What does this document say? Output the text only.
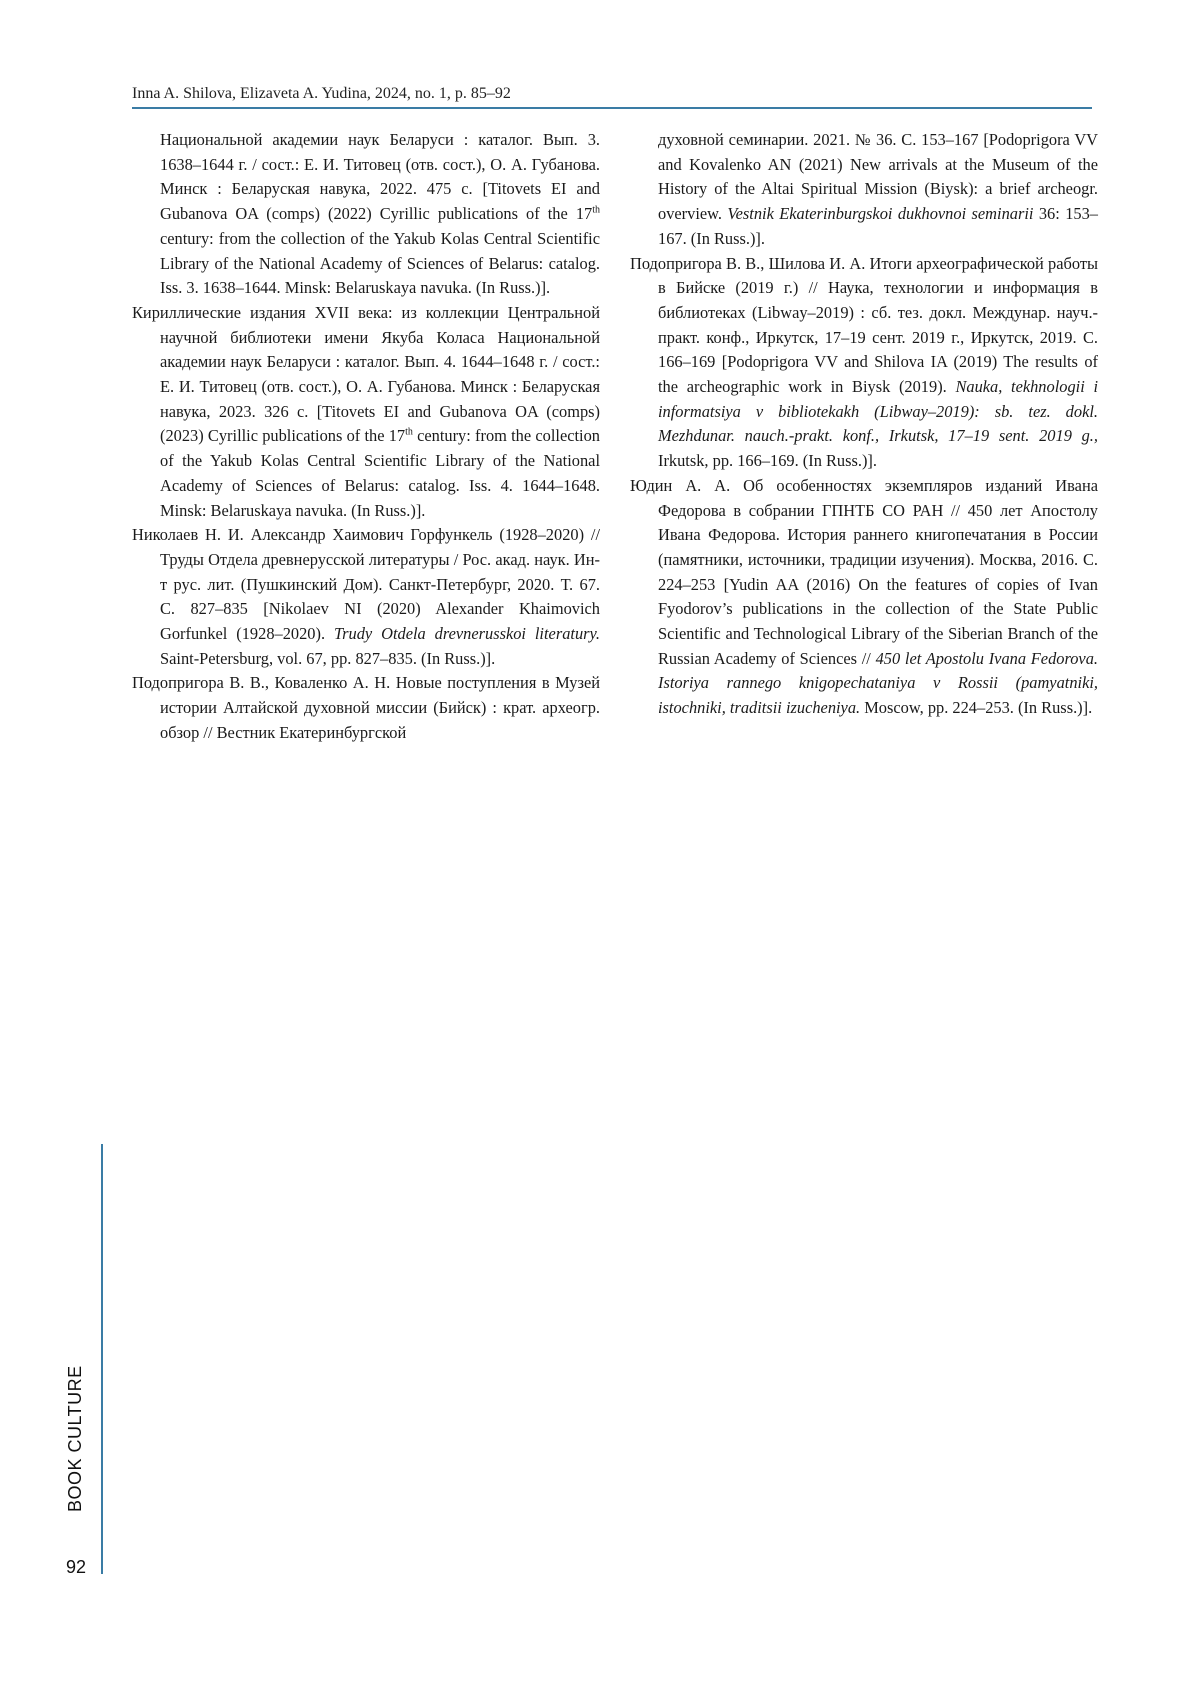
Inna A. Shilova, Elizaveta A. Yudina, 2024, no. 1, p. 85–92

Национальной академии наук Беларуси : каталог. Вып. 3. 1638–1644 г. / сост.: Е. И. Титовец (отв. сост.), О. А. Губанова. Минск : Беларуская навука, 2022. 475 с. [Titovets EI and Gubanova OA (comps) (2022) Cyrillic publications of the 17th century: from the collection of the Yakub Kolas Central Scientific Library of the National Academy of Sciences of Belarus: catalog. Iss. 3. 1638–1644. Minsk: Belaruskaya navuka. (In Russ.)].

Кириллические издания XVII века: из коллекции Центральной научной библиотеки имени Якуба Коласа Национальной академии наук Беларуси : каталог. Вып. 4. 1644–1648 г. / сост.: Е. И. Титовец (отв. сост.), О. А. Губанова. Минск : Беларуская навука, 2023. 326 с. [Titovets EI and Gubanova OA (comps) (2023) Cyrillic publications of the 17th century: from the collection of the Yakub Kolas Central Scientific Library of the National Academy of Sciences of Belarus: catalog. Iss. 4. 1644–1648. Minsk: Belaruskaya navuka. (In Russ.)].

Николаев Н. И. Александр Хаимович Горфункель (1928–2020) // Труды Отдела древнерусской литературы / Рос. акад. наук. Ин-т рус. лит. (Пушкинский Дом). Санкт-Петербург, 2020. Т. 67. С. 827–835 [Nikolaev NI (2020) Alexander Khaimovich Gorfunkel (1928–2020). Trudy Otdela drevnerusskoi literatury. Saint-Petersburg, vol. 67, pp. 827–835. (In Russ.)].

Подопригора В. В., Коваленко А. Н. Новые поступления в Музей истории Алтайской духовной миссии (Бийск) : крат. археогр. обзор // Вестник Екатеринбургской

духовной семинарии. 2021. № 36. С. 153–167 [Podoprigora VV and Kovalenko AN (2021) New arrivals at the Museum of the History of the Altai Spiritual Mission (Biysk): a brief archeogr. overview. Vestnik Ekaterinburgskoi dukhovnoi seminarii 36: 153–167. (In Russ.)].

Подопригора В. В., Шилова И. А. Итоги археографической работы в Бийске (2019 г.) // Наука, технологии и информация в библиотеках (Libway–2019) : сб. тез. докл. Междунар. науч.-практ. конф., Иркутск, 17–19 сент. 2019 г., Иркутск, 2019. С. 166–169 [Podoprigora VV and Shilova IA (2019) The results of the archeographic work in Biysk (2019). Nauka, tekhnologii i informatsiya v bibliotekakh (Libway–2019): sb. tez. dokl. Mezhdunar. nauch.-prakt. konf., Irkutsk, 17–19 sent. 2019 g., Irkutsk, pp. 166–169. (In Russ.)].

Юдин А. А. Об особенностях экземпляров изданий Ивана Федорова в собрании ГПНТБ СО РАН // 450 лет Апостолу Ивана Федорова. История раннего книгопечатания в России (памятники, источники, традиции изучения). Москва, 2016. С. 224–253 [Yudin AA (2016) On the features of copies of Ivan Fyodorov’s publications in the collection of the State Public Scientific and Technological Library of the Siberian Branch of the Russian Academy of Sciences // 450 let Apostolu Ivana Fedorova. Istoriya rannego knigopechataniya v Rossii (pamyatniki, istochniki, traditsii izucheniya. Moscow, pp. 224–253. (In Russ.)].

BOOK CULTURE
92
